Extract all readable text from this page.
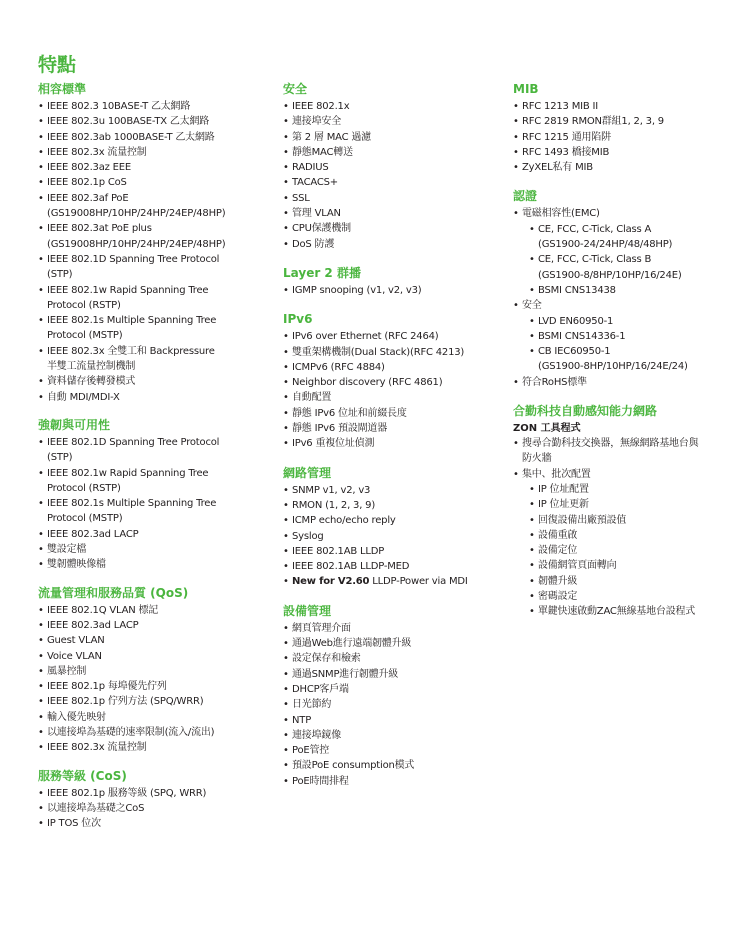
特點
相容標準
• IEEE 802.3 10BASE-T 乙太網路
• IEEE 802.3u 100BASE-TX 乙太網路
• IEEE 802.3ab 1000BASE-T 乙太網路
• IEEE 802.3x 流量控制
• IEEE 802.3az EEE
• IEEE 802.1p CoS
• IEEE 802.3af PoE
(GS19008HP/10HP/24HP/24EP/48HP)
• IEEE 802.3at PoE plus
(GS19008HP/10HP/24HP/24EP/48HP)
• IEEE 802.1D Spanning Tree Protocol
(STP)
• IEEE 802.1w Rapid Spanning Tree
Protocol (RSTP)
• IEEE 802.1s Multiple Spanning Tree
Protocol (MSTP)
• IEEE 802.3x 全雙工和 Backpressure
半雙工流量控制機制
• 資料儲存後轉發模式
• 自動 MDI/MDI-X
強韌與可用性
• IEEE 802.1D Spanning Tree Protocol
(STP)
• IEEE 802.1w Rapid Spanning Tree
Protocol (RSTP)
• IEEE 802.1s Multiple Spanning Tree
Protocol (MSTP)
• IEEE 802.3ad LACP
• 雙設定檔
• 雙韌體映像檔
流量管理和服務品質 (QoS)
• IEEE 802.1Q VLAN 標記
• IEEE 802.3ad LACP
• Guest VLAN
• Voice VLAN
• 風暴控制
• IEEE 802.1p 每埠優先佇列
• IEEE 802.1p 佇列方法 (SPQ/WRR)
• 輸入優先映射
• 以連接埠為基礎的速率限制(流入/流出)
• IEEE 802.3x 流量控制
服務等級 (CoS)
• IEEE 802.1p 服務等級 (SPQ, WRR)
• 以連接埠為基礎之CoS
• IP TOS 位次
安全
• IEEE 802.1x
• 連接埠安全
• 第 2 層 MAC 過濾
• 靜態MAC轉送
• RADIUS
• TACACS+
• SSL
• 管理 VLAN
• CPU保護機制
• DoS 防護
Layer 2 群播
• IGMP snooping (v1, v2, v3)
IPv6
• IPv6 over Ethernet (RFC 2464)
• 雙重架構機制(Dual Stack)(RFC 4213)
• ICMPv6 (RFC 4884)
• Neighbor discovery (RFC 4861)
• 自動配置
• 靜態 IPv6 位址和前綴長度
• 靜態 IPv6 預設閘道器
• IPv6 重複位址偵測
網路管理
• SNMP v1, v2, v3
• RMON (1, 2, 3, 9)
• ICMP echo/echo reply
• Syslog
• IEEE 802.1AB LLDP
• IEEE 802.1AB LLDP-MED
• New for V2.60 LLDP-Power via MDI
設備管理
• 網頁管理介面
• 通過Web進行遠端韌體升級
• 設定保存和檢索
• 通過SNMP進行韌體升級
• DHCP客戶端
• 日光節約
• NTP
• 連接埠鏡像
• PoE管控
• 預設PoE consumption模式
• PoE時間排程
MIB
• RFC 1213 MIB II
• RFC 2819 RMON群組1, 2, 3, 9
• RFC 1215 通用陷阱
• RFC 1493 橋接MIB
• ZyXEL私有 MIB
認證
• 電磁相容性(EMC)
• CE, FCC, C-Tick, Class A
(GS1900-24/24HP/48/48HP)
• CE, FCC, C-Tick, Class B
(GS1900-8/8HP/10HP/16/24E)
• BSMI CNS13438
• 安全
• LVD EN60950-1
• BSMI CNS14336-1
• CB IEC60950-1
(GS1900-8HP/10HP/16/24E/24)
• 符合RoHS標準
合勤科技自動感知能力網路
ZON 工具程式
• 搜尋合勤科技交換器，無線網路基地台與
防火牆
• 集中、批次配置
• IP 位址配置
• IP 位址更新
• 回復設備出廠預設值
• 設備重啟
• 設備定位
• 設備網管頁面轉向
• 韌體升級
• 密碼設定
• 單鍵快速啟動ZAC無線基地台設程式
